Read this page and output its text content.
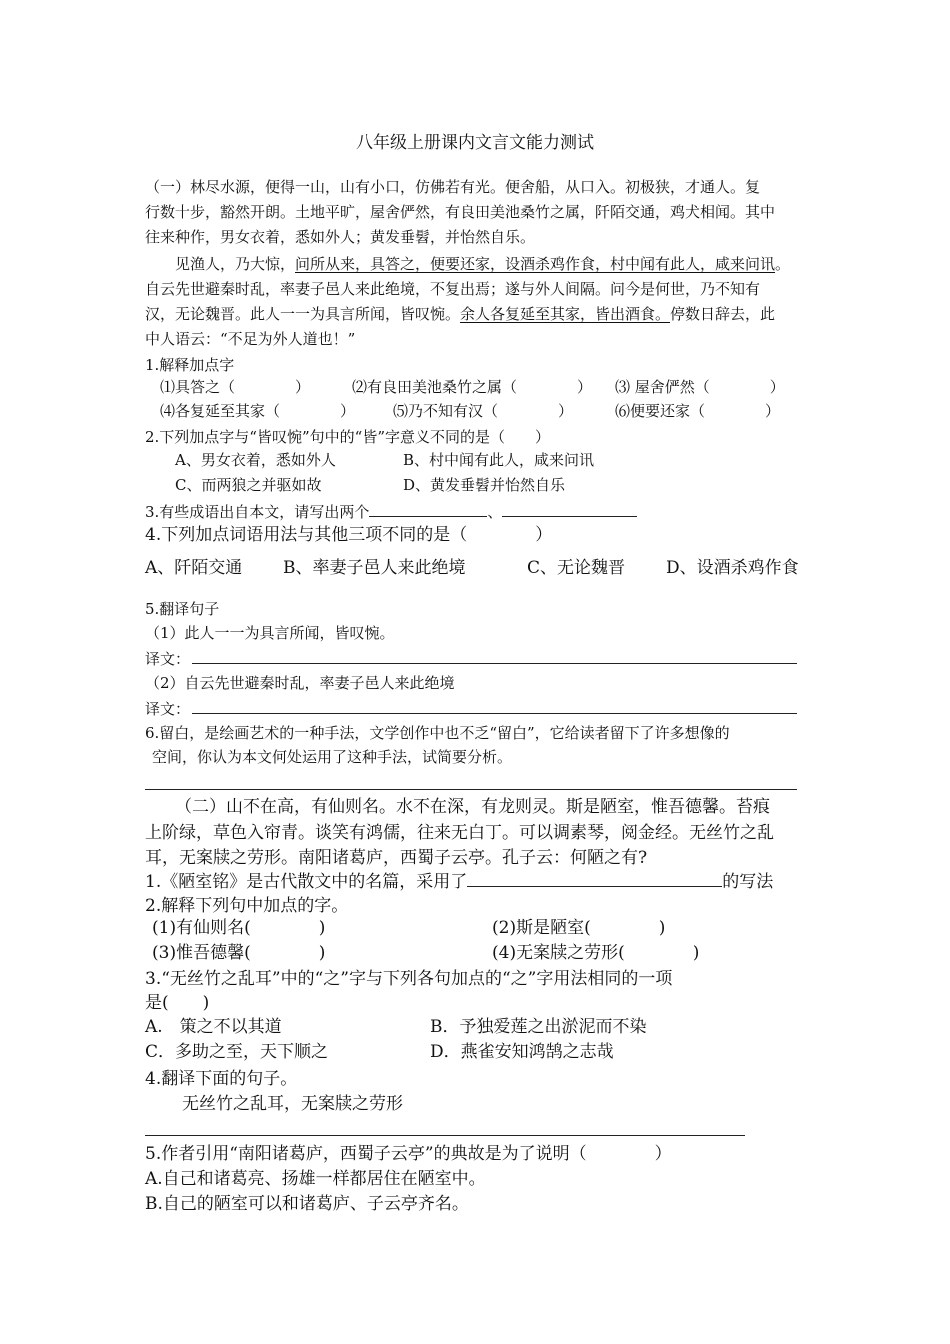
八年级上册课内文言文能力测试
（一）林尽水源，便得一山，山有小口，仿佛若有光。便舍船，从口入。初极狭，才通人。复
行数十步，豁然开朗。土地平旷，屋舍俨然，有良田美池桑竹之属，阡陌交通，鸡犬相闻。其中
往来种作，男女衣着，悉如外人；黄发垂髫，并怡然自乐。
见渔人，乃大惊，问所从来，具答之，便要还家，设酒杀鸡作食，村中闻有此人，咸来问讯。
自云先世避秦时乱，率妻子邑人来此绝境，不复出焉；遂与外人间隔。问今是何世，乃不知有
汉，无论魏晋。此人一一为具言所闻，皆叹惋。余人各复延至其家，皆出酒食。停数日辞去，此
中人语云：“不足为外人道也！”
1.解释加点字
⑴具答之（　　　　）	⑵有良田美池桑竹之属（　　　　） ⑶ 屋舍俨然（　　　　）
⑷各复延至其家（　　　　）	⑸乃不知有汉（　　　　）	⑹便要还家（　　　　）
2.下列加点字与“皆叹惋”句中的“皆”字意义不同的是（　　）
A、男女衣着，悉如外人	B、村中闻有此人，咸来问讯
C、而两狼之并驱如故	D、黄发垂髫并怡然自乐
3.有些成语出自本文，请写出两个	、
4.下列加点词语用法与其他三项不同的是（　　　　）
A、阡陌交通 B、率妻子邑人来此绝境	C、无论魏晋 D、设酒杀鸡作食
5.翻译句子
（1）此人一一为具言所闻，皆叹惋。
译文：
（2）自云先世避秦时乱，率妻子邑人来此绝境
译文：
6.留白，是绘画艺术的一种手法，文学创作中也不乏“留白”，它给读者留下了许多想像的
空间，你认为本文何处运用了这种手法，试简要分析。
（二）山不在高，有仙则名。水不在深，有龙则灵。斯是陋室，惟吾德馨。苔痕
上阶绿，草色入帘青。谈笑有鸿儒，往来无白丁。可以调素琴，阅金经。无丝竹之乱
耳，无案牍之劳形。南阳诸葛庐，西蜀子云亭。孔子云：何陋之有?
1.《陋室铭》是古代散文中的名篇，采用了	的写法
2.解释下列句中加点的字。
(1)有仙则名(　　　　)	(2)斯是陋室(　　　　)
(3)惟吾德馨(　　　　)	(4)无案牍之劳形(　　　　)
3.“无丝竹之乱耳”中的“之”字与下列各句加点的“之”字用法相同的一项
是(　　)
A.　策之不以其道	B．予独爱莲之出淤泥而不染
C．多助之至，天下顺之	D．燕雀安知鸿鹄之志哉
4.翻译下面的句子。
无丝竹之乱耳，无案牍之劳形
5.作者引用“南阳诸葛庐，西蜀子云亭”的典故是为了说明（　　　　）
A.自己和诸葛亮、扬雄一样都居住在陋室中。
B.自己的陋室可以和诸葛庐、子云亭齐名。
